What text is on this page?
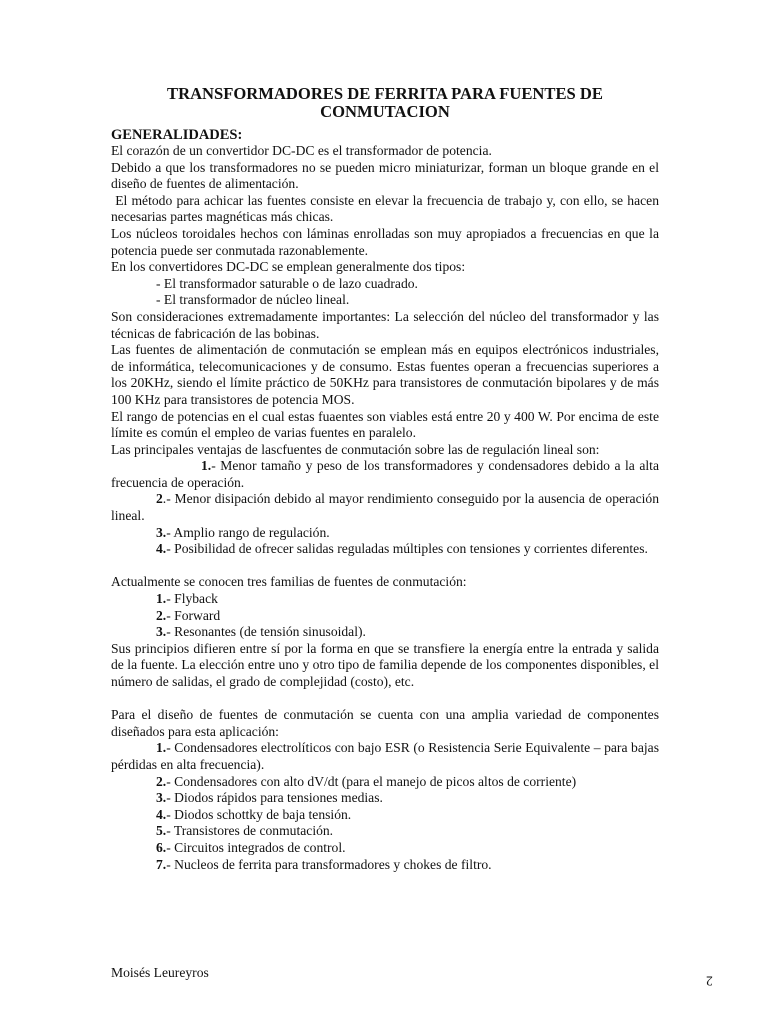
TRANSFORMADORES DE FERRITA PARA FUENTES DE CONMUTACION
GENERALIDADES:

El corazón de un convertidor DC-DC es el transformador de potencia.

Debido a que los transformadores no se pueden micro miniaturizar, forman un bloque grande en el diseño de fuentes de alimentación.

El método para achicar las fuentes consiste en elevar la frecuencia de trabajo y, con ello, se hacen necesarias partes magnéticas más chicas.

Los núcleos toroidales hechos con láminas enrolladas son muy apropiados a frecuencias en que la potencia puede ser conmutada razonablemente.

En los convertidores DC-DC se emplean generalmente dos tipos:

- El transformador saturable o de lazo cuadrado.

- El transformador de núcleo lineal.

Son consideraciones extremadamente importantes: La selección del núcleo del transformador y las técnicas de fabricación de las bobinas.

Las fuentes de alimentación de conmutación se emplean más en equipos electrónicos industriales, de informática, telecomunicaciones y de consumo. Estas fuentes operan a frecuencias superiores a los 20KHz, siendo el límite práctico de 50KHz para transistores de conmutación bipolares y de más 100 KHz para transistores de potencia MOS.

El rango de potencias en el cual estas fuaentes son viables está entre 20 y 400 W. Por encima de este límite es común el empleo de varias fuentes en paralelo.

Las principales ventajas de lascfuentes de conmutación sobre las de regulación lineal son:

1.- Menor tamaño y peso de los transformadores y condensadores debido a la alta frecuencia de operación.

2.- Menor disipación debido al mayor rendimiento conseguido por la ausencia de operación lineal.

3.- Amplio rango de regulación.

4.- Posibilidad de ofrecer salidas reguladas múltiples con tensiones y corrientes diferentes.

Actualmente se conocen tres familias de fuentes de conmutación:

1.- Flyback

2.- Forward

3.- Resonantes (de tensión sinusoidal).

Sus principios difieren entre sí por la forma en que se transfiere la energía entre la entrada y salida de la fuente. La elección entre uno y otro tipo de familia depende de los componentes disponibles, el número de salidas, el grado de complejidad (costo), etc.

Para el diseño de fuentes de conmutación se cuenta con una amplia variedad de componentes diseñados para esta aplicación:

1.- Condensadores electrolíticos con bajo ESR (o Resistencia Serie Equivalente – para bajas pérdidas en alta frecuencia).

2.- Condensadores con alto dV/dt (para el manejo de picos altos de corriente)

3.- Diodos rápidos para tensiones medias.

4.- Diodos schottky de baja tensión.

5.- Transistores de conmutación.

6.- Circuitos integrados de control.

7.- Nucleos de ferrita para transformadores y chokes de filtro.

Moisés Leureyros
2
